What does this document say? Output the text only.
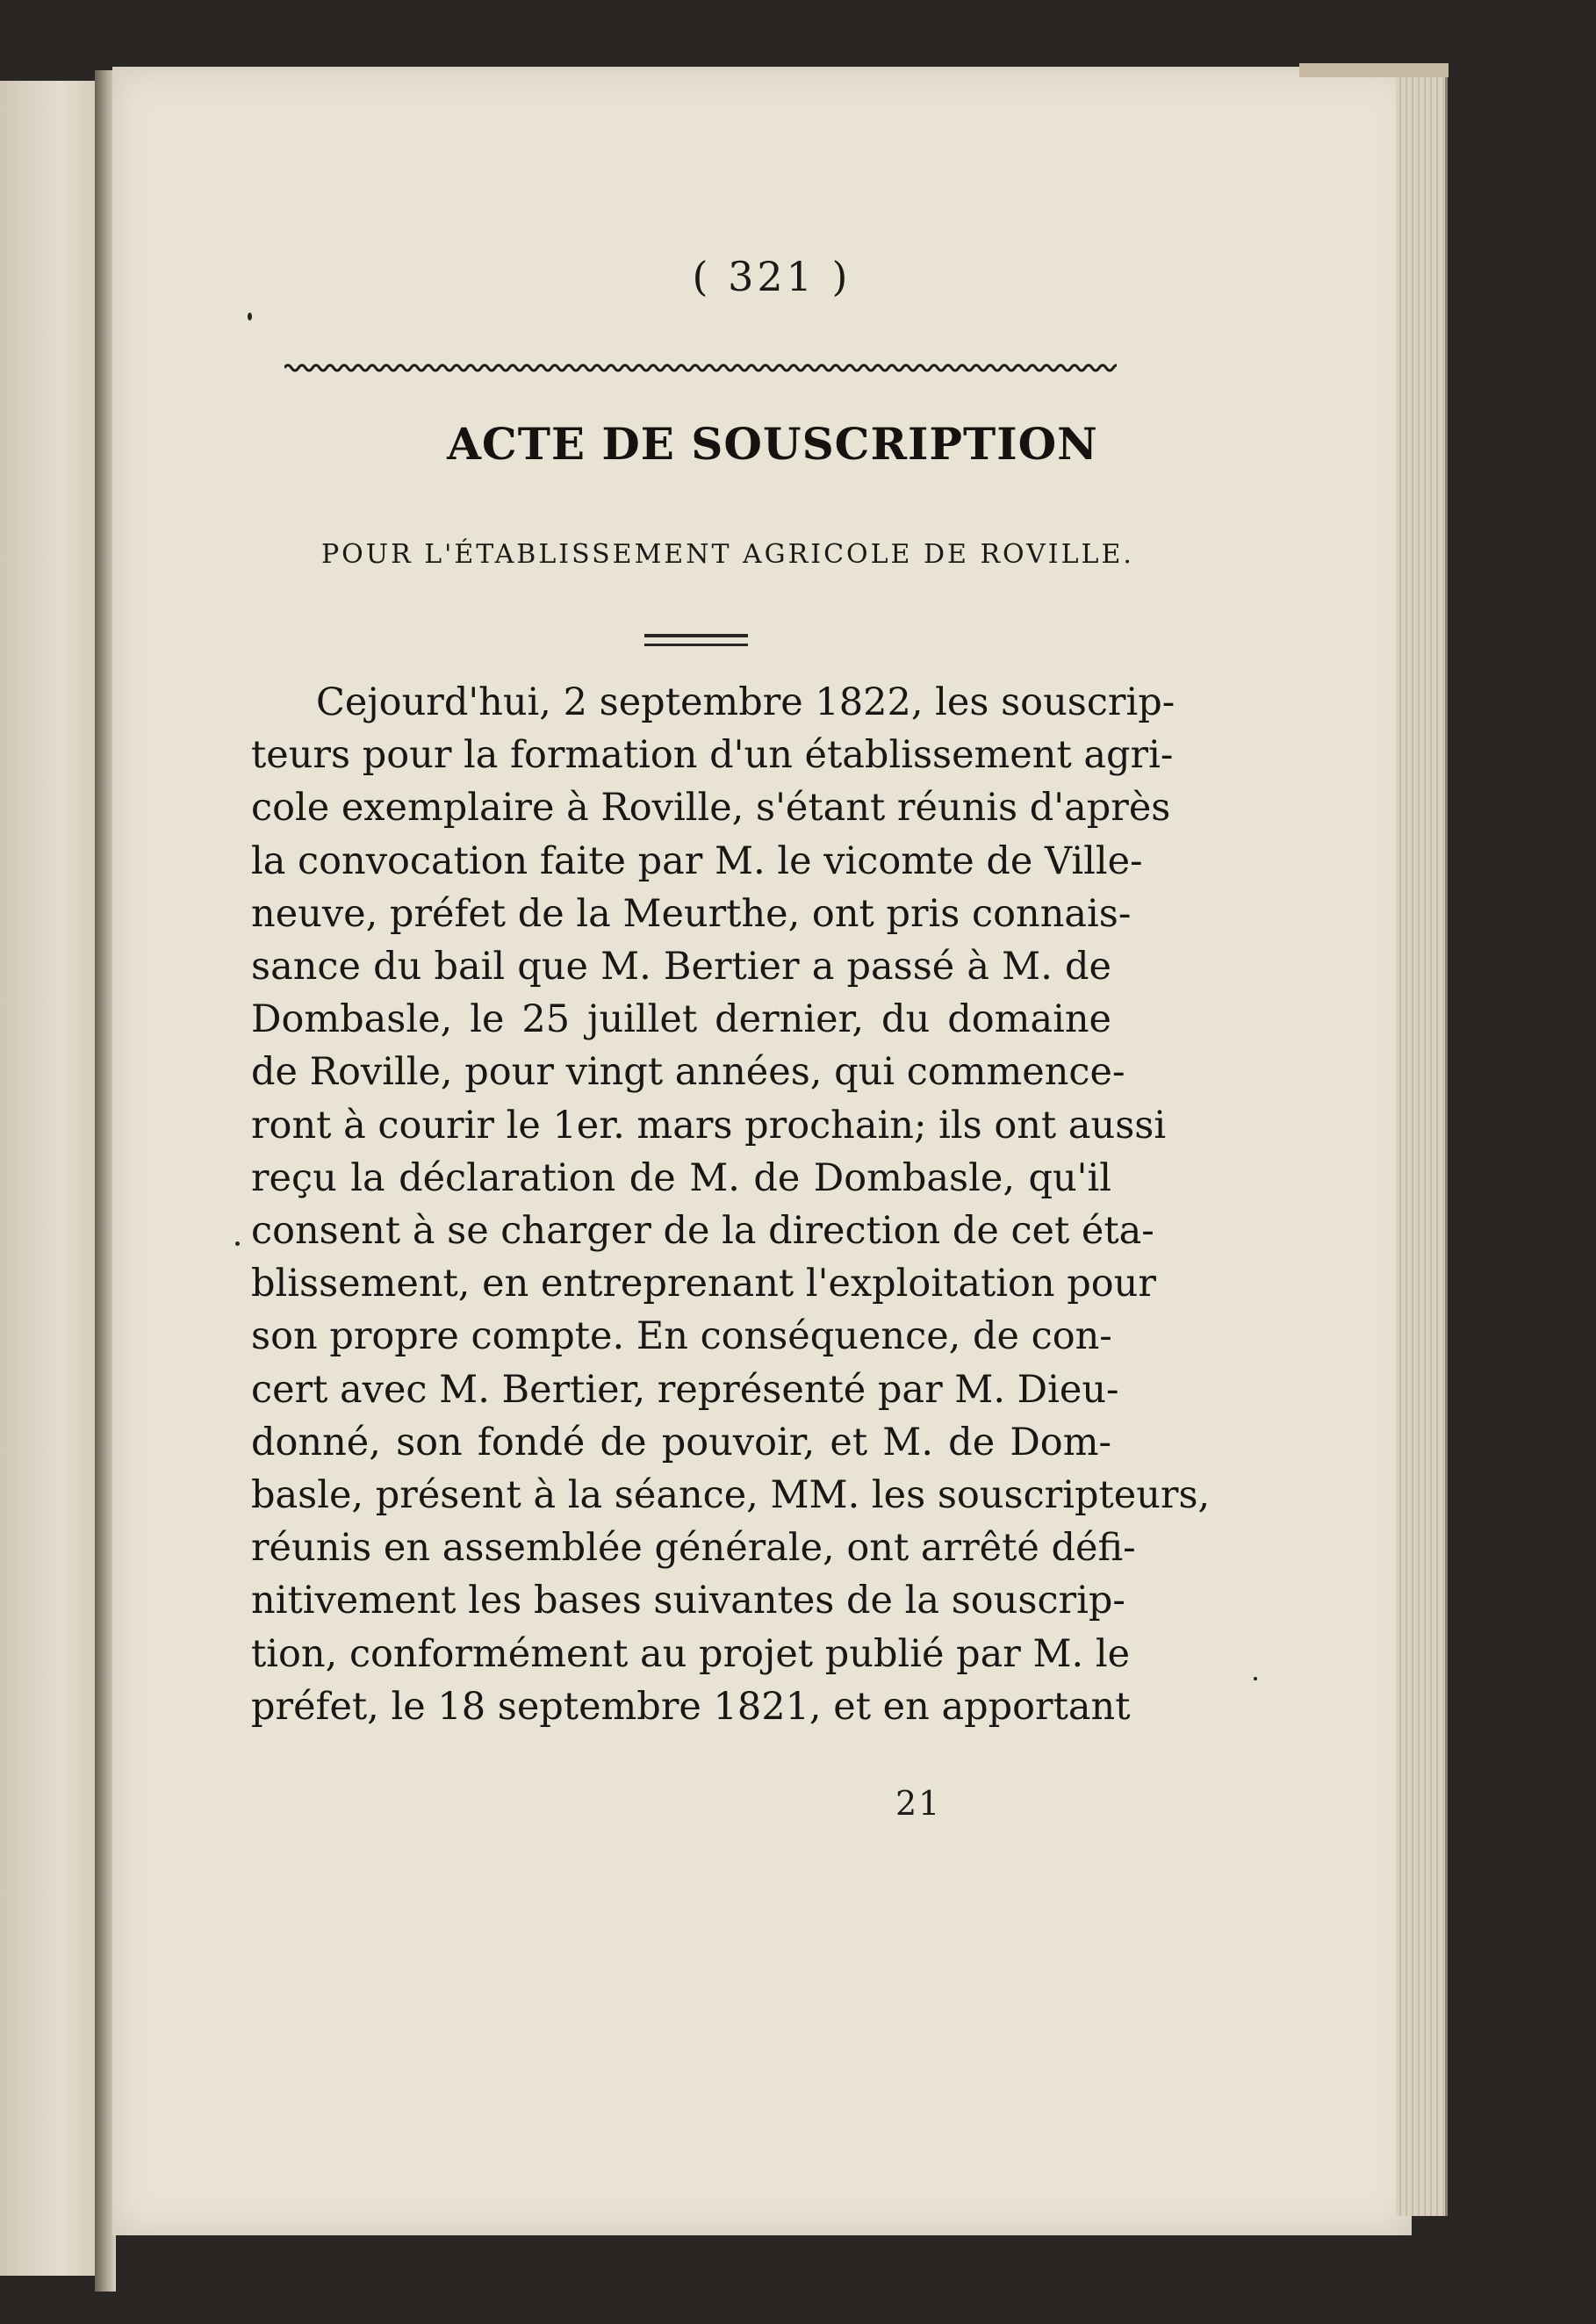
( 321 )
ACTE DE SOUSCRIPTION
POUR L'ÉTABLISSEMENT AGRICOLE DE ROVILLE.
Cejourd'hui, 2 septembre 1822, les souscrip-
teurs pour la formation d'un établissement agri-
cole exemplaire à Roville, s'étant réunis d'après
la convocation faite par M. le vicomte de Ville-
neuve, préfet de la Meurthe, ont pris connais-
sance du bail que M. Bertier a passé à M. de
Dombasle, le 25 juillet dernier, du domaine
de Roville, pour vingt années, qui commence-
ront à courir le 1er. mars prochain; ils ont aussi
reçu la déclaration de M. de Dombasle, qu'il
consent à se charger de la direction de cet éta-
blissement, en entreprenant l'exploitation pour
son propre compte. En conséquence, de con-
cert avec M. Bertier, représenté par M. Dieu-
donné, son fondé de pouvoir, et M. de Dom-
basle, présent à la séance, MM. les souscripteurs,
réunis en assemblée générale, ont arrêté défi-
nitivement les bases suivantes de la souscrip-
tion, conformément au projet publié par M. le
préfet, le 18 septembre 1821, et en apportant
21
